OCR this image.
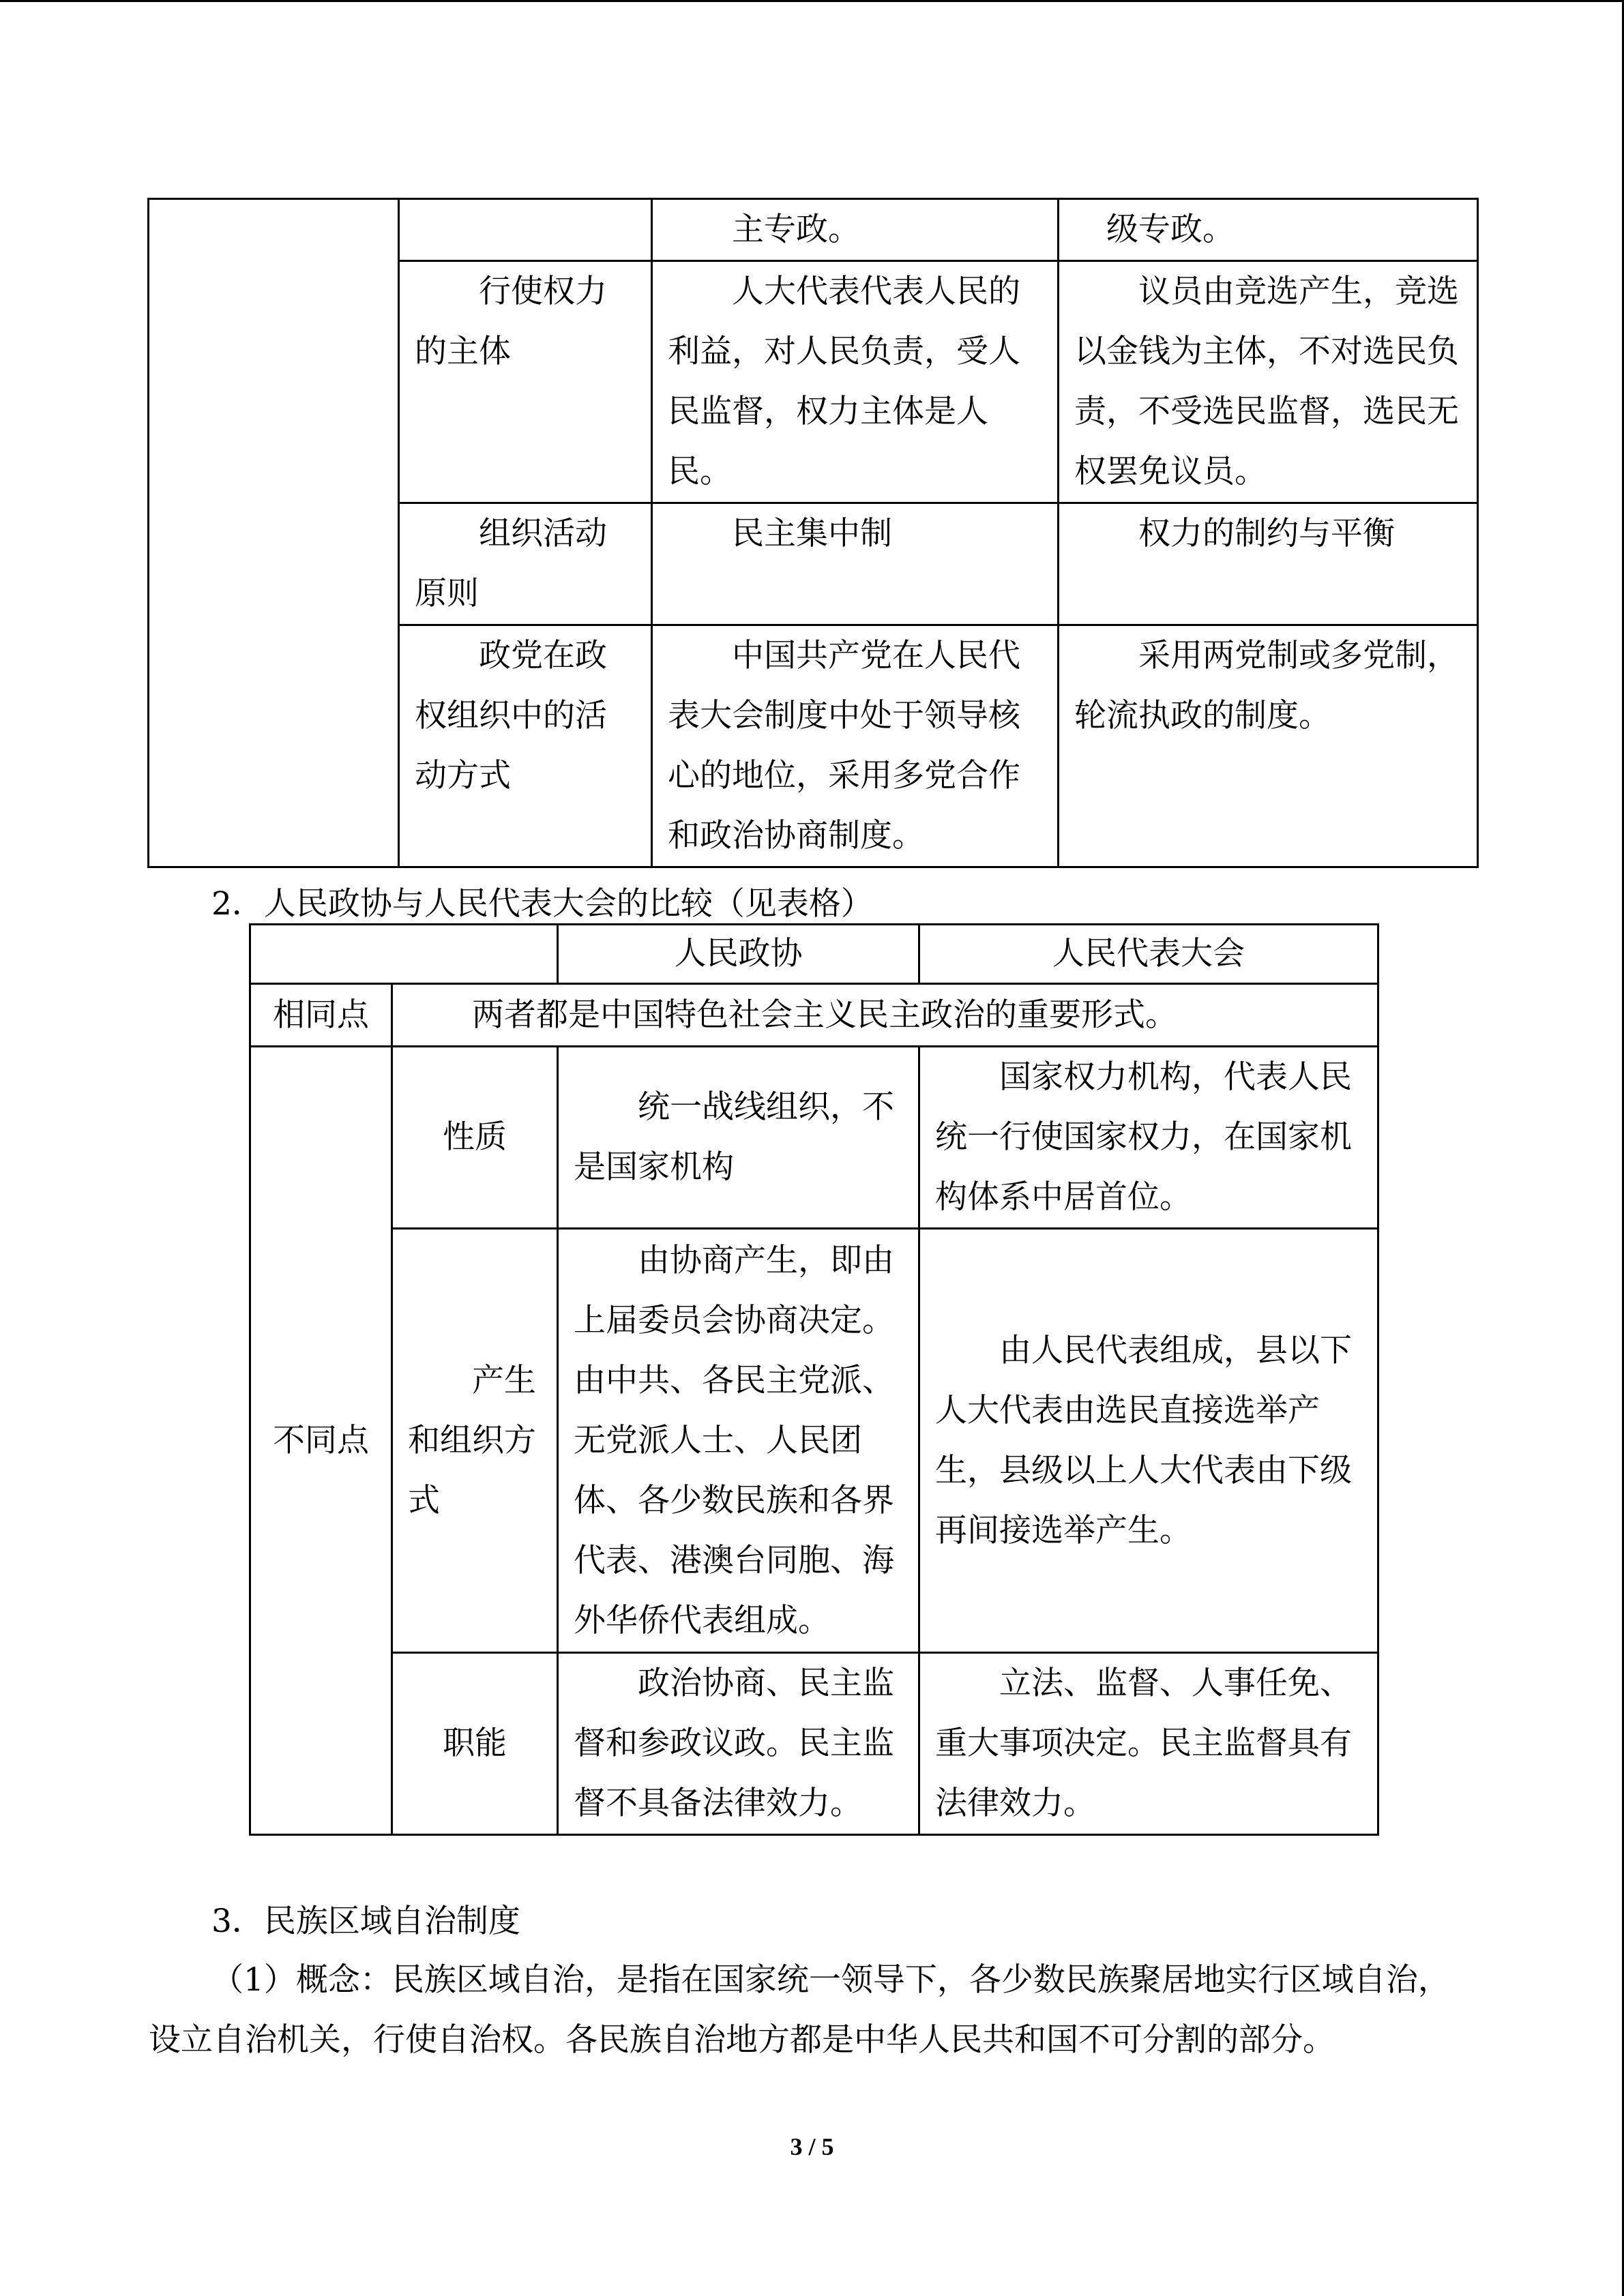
		主专政。	级专政。
	行使权力的主体	人大代表代表人民的利益，对人民负责，受人民监督，权力主体是人民。	议员由竞选产生，竞选以金钱为主体，不对选民负责，不受选民监督，选民无权罢免议员。
	组织活动原则	民主集中制	权力的制约与平衡
	政党在政权组织中的活动方式	中国共产党在人民代表大会制度中处于领导核心的地位，采用多党合作和政治协商制度。	采用两党制或多党制，轮流执政的制度。
2．人民政协与人民代表大会的比较（见表格）
		人民政协	人民代表大会
相同点	两者都是中国特色社会主义民主政治的重要形式。		
不同点	性质	统一战线组织，不是国家机构	国家权力机构，代表人民统一行使国家权力，在国家机构体系中居首位。
	产生和组织方式	由协商产生，即由上届委员会协商决定。由中共、各民主党派、无党派人士、人民团体、各少数民族和各界代表、港澳台同胞、海外华侨代表组成。	由人民代表组成，县以下人大代表由选民直接选举产生，县级以上人大代表由下级再间接选举产生。
	职能	政治协商、民主监督和参政议政。民主监督不具备法律效力。	立法、监督、人事任免、重大事项决定。民主监督具有法律效力。
3．民族区域自治制度
（1）概念：民族区域自治，是指在国家统一领导下，各少数民族聚居地实行区域自治，设立自治机关，行使自治权。各民族自治地方都是中华人民共和国不可分割的部分。
3 / 5
